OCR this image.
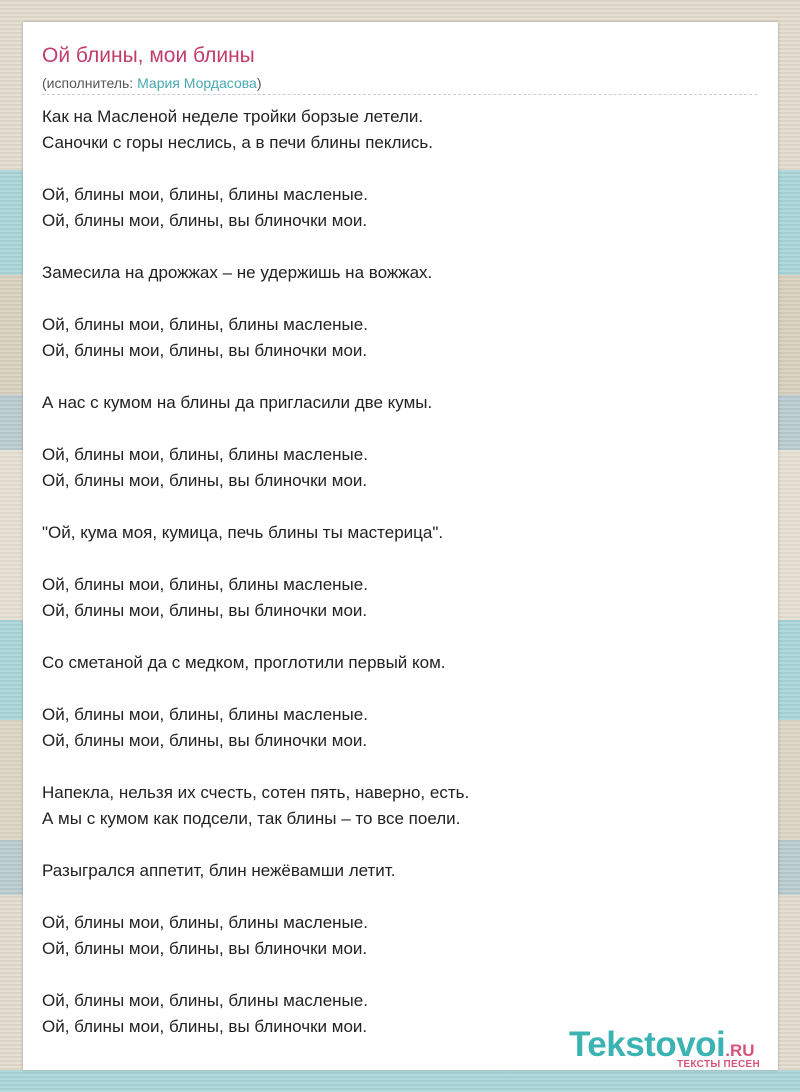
Ой блины, мои блины
(исполнитель: Мария Мордасова)
Как на Масленой неделе тройки борзые летели.
Саночки с горы неслись, а в печи блины пеклись.
Ой, блины мои, блины, блины масленые.
Ой, блины мои, блины, вы блиночки мои.
Замесила на дрожжах – не удержишь на вожжах.
Ой, блины мои, блины, блины масленые.
Ой, блины мои, блины, вы блиночки мои.
А нас с кумом на блины да пригласили две кумы.
Ой, блины мои, блины, блины масленые.
Ой, блины мои, блины, вы блиночки мои.
"Ой, кума моя, кумица, печь блины ты мастерица".
Ой, блины мои, блины, блины масленые.
Ой, блины мои, блины, вы блиночки мои.
Со сметаной да с медком, проглотили первый ком.
Ой, блины мои, блины, блины масленые.
Ой, блины мои, блины, вы блиночки мои.
Напекла, нельзя их счесть, сотен пять, наверно, есть.
А мы с кумом как подсели, так блины – то все поели.
Разыгрался аппетит, блин нежёвамши летит.
Ой, блины мои, блины, блины масленые.
Ой, блины мои, блины, вы блиночки мои.
Ой, блины мои, блины, блины масленые.
Ой, блины мои, блины, вы блиночки мои.	Tekstovoi.RU
ТЕКСТЫ ПЕСЕН
